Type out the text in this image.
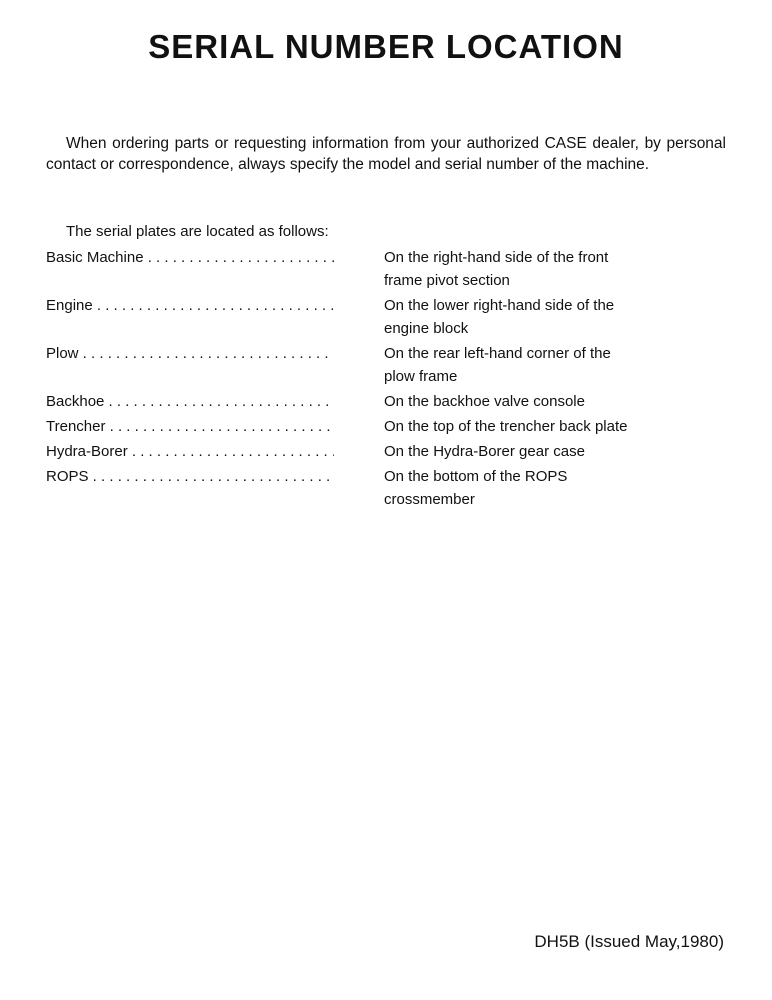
SERIAL NUMBER LOCATION

When ordering parts or requesting information from your authorized CASE dealer, by personal contact or correspondence, always specify the model and serial number of the machine.

The serial plates are located as follows:

Basic Machine . . .	On the right-hand side of the front frame pivot section
Engine . . .	On the lower right-hand side of the engine block
Plow . . .	On the rear left-hand corner of the plow frame
Backhoe . . .	On the backhoe valve console
Trencher . . .	On the top of the trencher back plate
Hydra-Borer . . .	On the Hydra-Borer gear case
ROPS . . .	On the bottom of the ROPS crossmember

DH5B (Issued May,1980)
